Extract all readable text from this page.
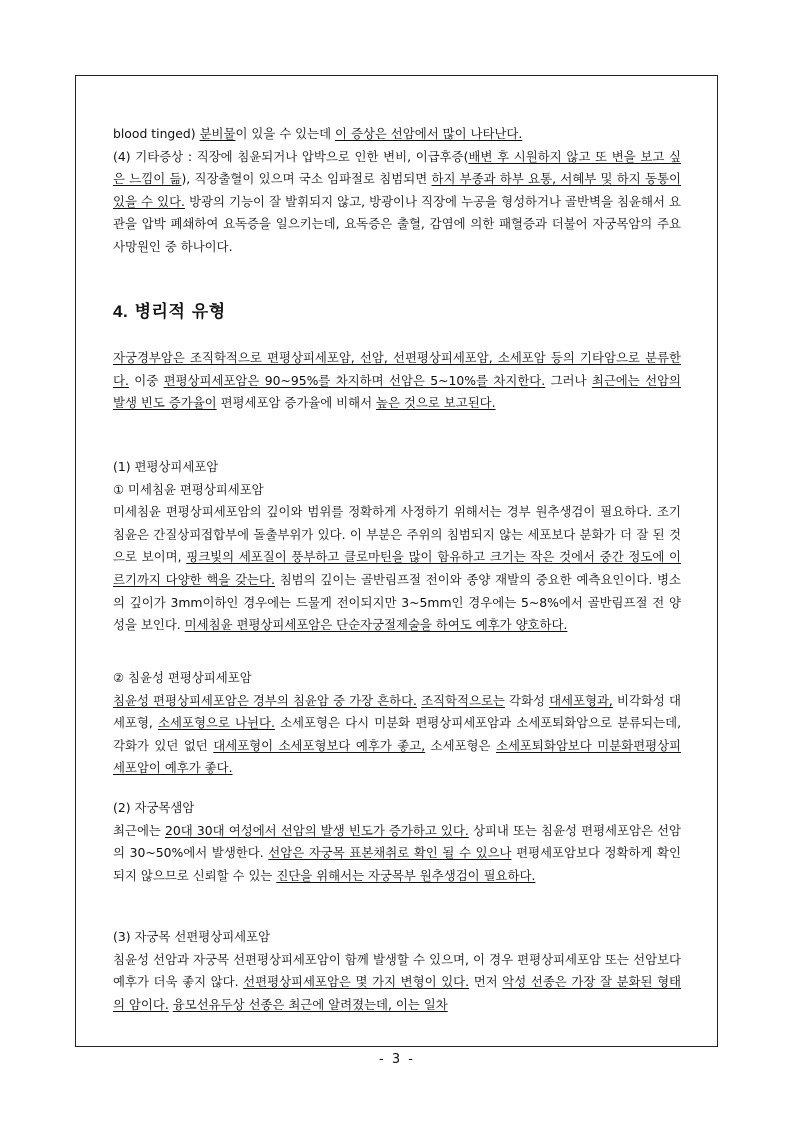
blood tinged) 분비물이 있을 수 있는데 이 증상은 선암에서 많이 나타난다.

(4) 기타증상 : 직장에 침윤되거나 압박으로 인한 변비, 이급후증(배변 후 시원하지 않고 또 변을 보고 싶은 느낌이 듦), 직장출혈이 있으며 국소 임파절로 침범되면 하지 부종과 하부 요통, 서혜부 및 하지 동통이 있을 수 있다. 방광의 기능이 잘 발휘되지 않고, 방광이나 직장에 누공을 형성하거나 골반벽을 침윤해서 요관을 압박 폐쇄하여 요독증을 일으키는데, 요독증은 출혈, 감염에 의한 패혈증과 더불어 자궁목암의 주요 사망원인 중 하나이다.

4. 병리적 유형

자궁경부암은 조직학적으로 편평상피세포암, 선암, 선편평상피세포암, 소세포암 등의 기타암으로 분류한다. 이중 편평상피세포암은 90~95%를 차지하며 선암은 5~10%를 차지한다. 그러나 최근에는 선암의 발생 빈도 증가율이 편평세포암 증가율에 비해서 높은 것으로 보고된다.

(1) 편평상피세포암

① 미세침윤 편평상피세포암

미세침윤 편평상피세포암의 깊이와 범위를 정확하게 사정하기 위해서는 경부 원추생검이 필요하다. 조기 침윤은 간질상피접합부에 돌출부위가 있다. 이 부분은 주위의 침범되지 않는 세포보다 분화가 더 잘 된 것으로 보이며, 핑크빛의 세포질이 풍부하고 클로마틴을 많이 함유하고 크기는 작은 것에서 중간 정도에 이르기까지 다양한 핵을 갖는다. 침범의 깊이는 골반림프절 전이와 종양 재발의 중요한 예측요인이다. 병소의 깊이가 3mm이하인 경우에는 드물게 전이되지만 3~5mm인 경우에는 5~8%에서 골반림프절 전 양성을 보인다. 미세침윤 편평상피세포암은 단순자궁절제술을 하여도 예후가 양호하다.

② 침윤성 편평상피세포암

침윤성 편평상피세포암은 경부의 침윤암 중 가장 흔하다. 조직학적으로는 각화성 대세포형과, 비각화성 대세포형, 소세포형으로 나뉜다. 소세포형은 다시 미분화 편평상피세포암과 소세포퇴화암으로 분류되는데, 각화가 있던 없던 대세포형이 소세포형보다 예후가 좋고, 소세포형은 소세포퇴화암보다 미분화편평상피 세포암이 예후가 좋다.

(2) 자궁목샘암

최근에는 20대 30대 여성에서 선암의 발생 빈도가 증가하고 있다. 상피내 또는 침윤성 편평세포암은 선암의 30~50%에서 발생한다. 선암은 자궁목 표본채취로 확인 될 수 있으나 편평세포암보다 정확하게 확인되지 않으므로 신뢰할 수 있는 진단을 위해서는 자궁목부 원추생검이 필요하다.

(3) 자궁목 선편평상피세포암

침윤성 선암과 자궁목 선편평상피세포암이 함께 발생할 수 있으며, 이 경우 편평상피세포암 또는 선암보다 예후가 더욱 좋지 않다. 선편평상피세포암은 몇 가지 변형이 있다. 먼저 악성 선종은 가장 잘 분화된 형태의 암이다. 융모선유두상 선종은 최근에 알려졌는데, 이는 일차

- 3 -
